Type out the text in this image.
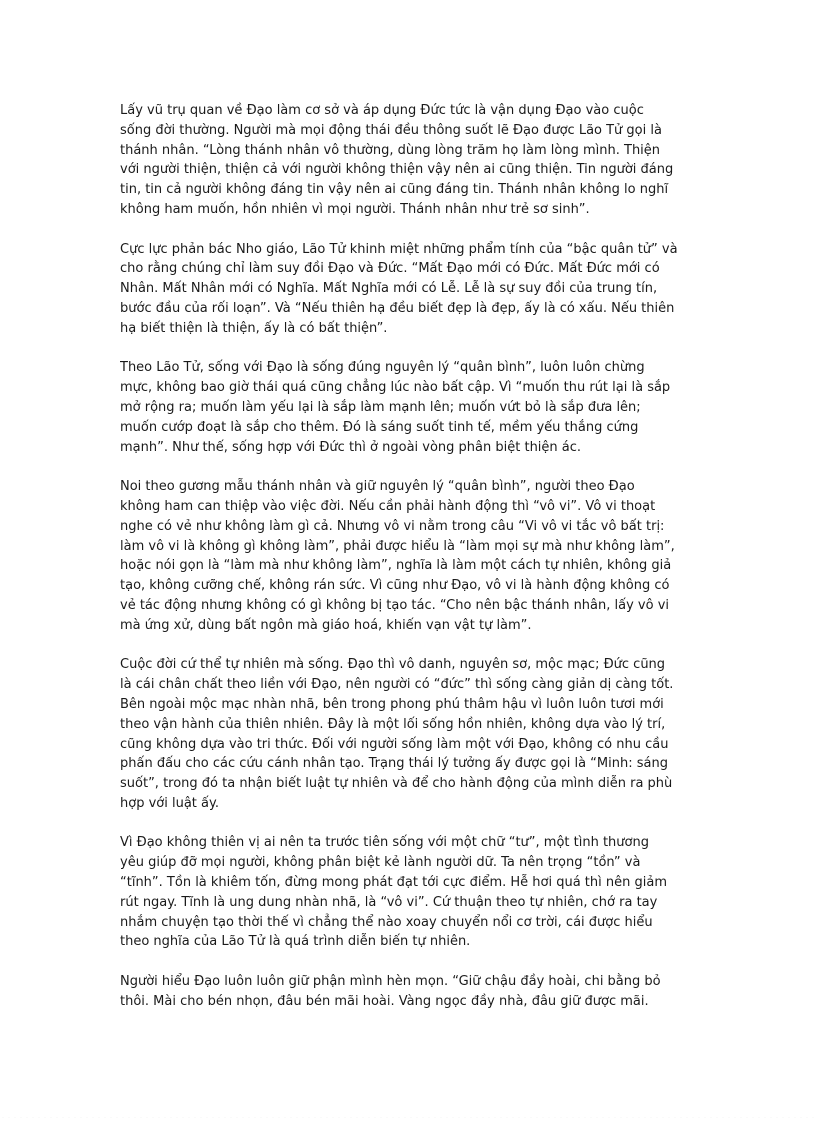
Lấy vũ trụ quan về Đạo làm cơ sở và áp dụng Đức tức là vận dụng Đạo vào cuộc
sống đời thường. Người mà mọi động thái đều thông suốt lẽ Đạo được Lão Tử gọi là
thánh nhân. “Lòng thánh nhân vô thường, dùng lòng trăm họ làm lòng mình. Thiện
với người thiện, thiện cả với người không thiện vậy nên ai cũng thiện. Tin người đáng
tin, tin cả người không đáng tin vậy nên ai cũng đáng tin. Thánh nhân không lo nghĩ
không ham muốn, hồn nhiên vì mọi người. Thánh nhân như trẻ sơ sinh”.
Cực lực phản bác Nho giáo, Lão Tử khinh miệt những phẩm tính của “bậc quân tử” và
cho rằng chúng chỉ làm suy đồi Đạo và Đức. “Mất Đạo mới có Đức. Mất Đức mới có
Nhân. Mất Nhân mới có Nghĩa. Mất Nghĩa mới có Lễ. Lễ là sự suy đồi của trung tín,
bước đầu của rối loạn”. Và “Nếu thiên hạ đều biết đẹp là đẹp, ấy là có xấu. Nếu thiên
hạ biết thiện là thiện, ấy là có bất thiện”.
Theo Lão Tử, sống với Đạo là sống đúng nguyên lý “quân bình”, luôn luôn chừng
mực, không bao giờ thái quá cũng chẳng lúc nào bất cập. Vì “muốn thu rút lại là sắp
mở rộng ra; muốn làm yếu lại là sắp làm mạnh lên; muốn vứt bỏ là sắp đưa lên;
muốn cướp đoạt là sắp cho thêm. Đó là sáng suốt tinh tế, mềm yếu thắng cứng
mạnh”. Như thế, sống hợp với Đức thì ở ngoài vòng phân biệt thiện ác.
Noi theo gương mẫu thánh nhân và giữ nguyên lý “quân bình”, người theo Đạo
không ham can thiệp vào việc đời. Nếu cần phải hành động thì “vô vi”. Vô vi thoạt
nghe có vẻ như không làm gì cả. Nhưng vô vi nằm trong câu “Vi vô vi tắc vô bất trị:
làm vô vi là không gì không làm”, phải được hiểu là “làm mọi sự mà như không làm”,
hoặc nói gọn là “làm mà như không làm”, nghĩa là làm một cách tự nhiên, không giả
tạo, không cưỡng chế, không rán sức. Vì cũng như Đạo, vô vi là hành động không có
vẻ tác động nhưng không có gì không bị tạo tác. “Cho nên bậc thánh nhân, lấy vô vi
mà ứng xử, dùng bất ngôn mà giáo hoá, khiến vạn vật tự làm”.
Cuộc đời cứ thể tự nhiên mà sống. Đạo thì vô danh, nguyên sơ, mộc mạc; Đức cũng
là cái chân chất theo liền với Đạo, nên người có “đức” thì sống càng giản dị càng tốt.
Bên ngoài mộc mạc nhàn nhã, bên trong phong phú thâm hậu vì luôn luôn tươi mới
theo vận hành của thiên nhiên. Đây là một lối sống hồn nhiên, không dựa vào lý trí,
cũng không dựa vào tri thức. Đối với người sống làm một với Đạo, không có nhu cầu
phấn đấu cho các cứu cánh nhân tạo. Trạng thái lý tưởng ấy được gọi là “Minh: sáng
suốt”, trong đó ta nhận biết luật tự nhiên và để cho hành động của mình diễn ra phù
hợp với luật ấy.
Vì Đạo không thiên vị ai nên ta trước tiên sống với một chữ “tư”, một tình thương
yêu giúp đỡ mọi người, không phân biệt kẻ lành người dữ. Ta nên trọng “tồn” và
“tĩnh”. Tồn là khiêm tốn, đừng mong phát đạt tới cực điểm. Hễ hơi quá thì nên giảm
rút ngay. Tĩnh là ung dung nhàn nhã, là “vô vi”. Cứ thuận theo tự nhiên, chớ ra tay
nhắm chuyện tạo thời thế vì chẳng thể nào xoay chuyển nổi cơ trời, cái được hiểu
theo nghĩa của Lão Tử là quá trình diễn biến tự nhiên.
Người hiểu Đạo luôn luôn giữ phận mình hèn mọn. “Giữ chậu đầy hoài, chi bằng bỏ
thôi. Mài cho bén nhọn, đâu bén mãi hoài. Vàng ngọc đầy nhà, đâu giữ được mãi.
